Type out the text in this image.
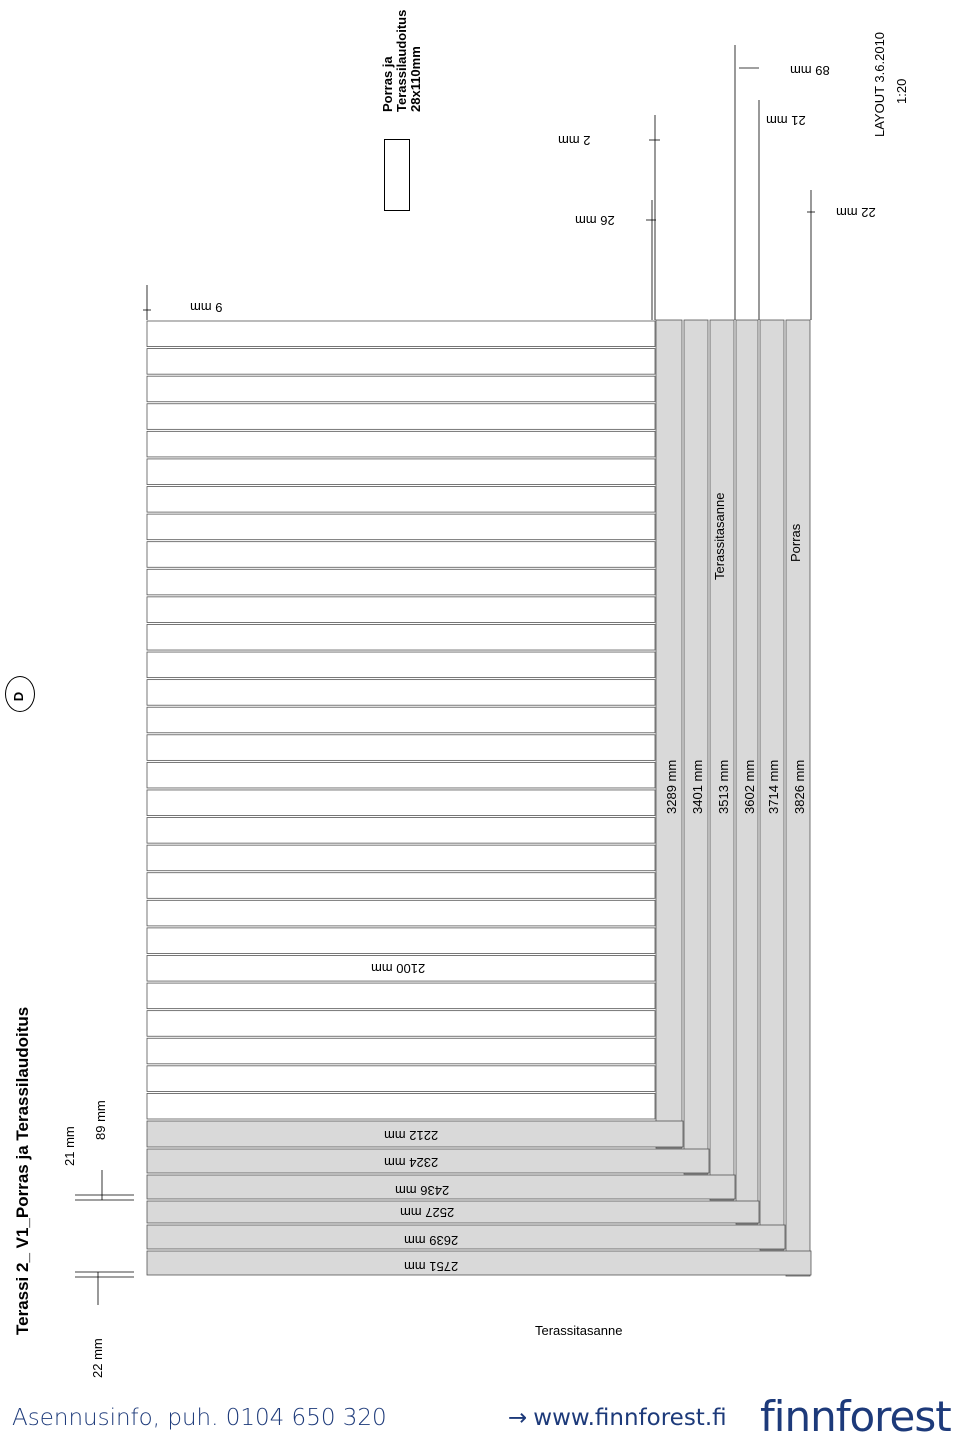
Terassi 2_ V1_Porras ja Terassilaudoitus
D
21 mm
89 mm
22 mm
Porras ja Terassilaudoitus 28x110mm	LAYOUT 3.6.2010 1:20
2 mm
26 mm
21 mm
89 mm
22 mm
9 mm
2100 mm
2212 mm
2324 mm
2436 mm
2527 mm
2639 mm
2751 mm
3289 mm 3401 mm 3513 mm 3602 mm 3714 mm 3826 mm
Terassitasanne	Porras
Terassitasanne
Asennusinfo, puh. 0104 650 320	→ www.finnforest.fi finnforest
